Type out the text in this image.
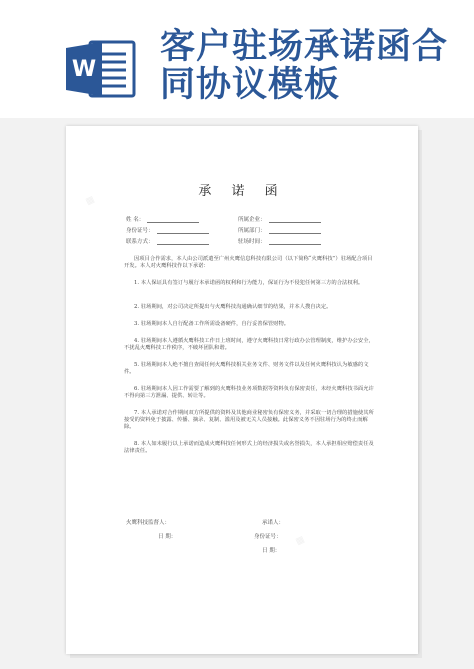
W
客户驻场承诺函合同协议模板
▦
▦
承 诺 函
姓 名：
身份证号：
联系方式：
所属企业：
所属部门：
驻场时间：
因项目合作需求，本人由公司派遣至广州火鹰信息科技有限公司（以下简称“火鹰科技”）驻场配合项目开发。本人对火鹰科技作以下承诺：
1. 本人保证具有签订与履行本承诺函的权利和行为能力，保证行为不侵犯任何第三方的合法权利。
2. 驻场期间，对公司决定所提出与火鹰科技沟通确认细节的结果，并本人搜自决定。
3. 驻场期间本人自行配备工作所需设备硬件，自行妥善保管财物。
4. 驻场期间本人遵循火鹰科技工作日上班时间，遵守火鹰科技日常行政办公管理制度，维护办公安全，不扰乱火鹰科技工作秩序，不破坏团队和谐。
5. 驻场期间本人绝不擅自查阅任何火鹰科技相关业务文件、财务文件以及任何火鹰科技认为敏感的文件。
6. 驻场期间本人因工作需要了解到的火鹰科技业务项数据等资料负有保密责任，未经火鹰科技书面允许不得向第三方泄漏、提供、转让等。
7. 本人承诺对合作期间双方所提供的资料及其他商业秘密负有保密义务，并采取一切合理的措施使其所接受的资料免于披露、传播、摘录、复制、滥用及被无关人员接触。此保密义务不因驻场行为的终止而解除。
8. 本人如未履行以上承诺而造成火鹰科技任何形式上的经济损失或名誉损失，本人承担相应赔偿责任及法律责任。
火鹰科技监督人：
日 期：
承诺人：
身份证号：
日 期：
